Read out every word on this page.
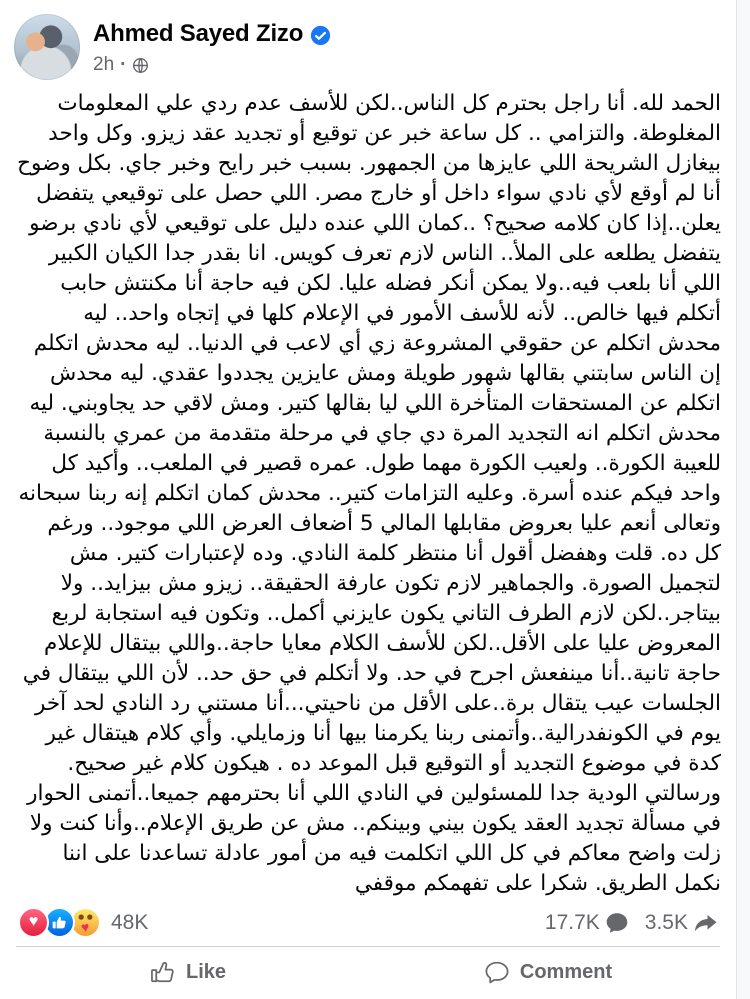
Ahmed Sayed Zizo
2h ·
الحمد لله. أنا راجل بحترم كل الناس..لكن للأسف عدم ردي علي المعلومات المغلوطة. والتزامي .. كل ساعة خبر عن توقيع أو تجديد عقد زيزو. وكل واحد بيغازل الشريحة اللي عايزها من الجمهور. بسبب خبر رايح وخبر جاي. بكل وضوح أنا لم أوقع لأي نادي سواء داخل أو خارج مصر. اللي حصل على توقيعي يتفضل يعلن..إذا كان كلامه صحيح؟ ..كمان اللي عنده دليل على توقيعي لأي نادي برضو يتفضل يطلعه على الملأ.. الناس لازم تعرف كويس. انا بقدر جدا الكيان الكبير اللي أنا بلعب فيه..ولا يمكن أنكر فضله عليا. لكن فيه حاجة أنا مكنتش حابب أتكلم فيها خالص.. لأنه للأسف الأمور في الإعلام كلها في إتجاه واحد.. ليه محدش اتكلم عن حقوقي المشروعة زي أي لاعب في الدنيا.. ليه محدش اتكلم إن الناس سابتني بقالها شهور طويلة ومش عايزين يجددوا عقدي. ليه محدش اتكلم عن المستحقات المتأخرة اللي ليا بقالها كتير. ومش لاقي حد يجاوبني. ليه محدش اتكلم انه التجديد المرة دي جاي في مرحلة متقدمة من عمري بالنسبة للعيبة الكورة.. ولعيب الكورة مهما طول. عمره قصير في الملعب.. وأكيد كل واحد فيكم عنده أسرة. وعليه التزامات كتير.. محدش كمان اتكلم إنه ربنا سبحانه وتعالى أنعم عليا بعروض مقابلها المالي 5 أضعاف العرض اللي موجود.. ورغم كل ده. قلت وهفضل أقول أنا منتظر كلمة النادي. وده لإعتبارات كتير. مش لتجميل الصورة. والجماهير لازم تكون عارفة الحقيقة.. زيزو مش بيزايد.. ولا بيتاجر..لكن لازم الطرف التاني يكون عايزني أكمل.. وتكون فيه استجابة لربع المعروض عليا على الأقل..لكن للأسف الكلام معايا حاجة..واللي بيتقال للإعلام حاجة تانية..أنا مينفعش اجرح في حد. ولا أتكلم في حق حد.. لأن اللي بيتقال في الجلسات عيب يتقال برة..على الأقل من ناحيتي...أنا مستني رد النادي لحد آخر يوم في الكونفدرالية..وأتمنى ربنا يكرمنا بيها أنا وزمايلي. وأي كلام هيتقال غير كدة في موضوع التجديد أو التوقيع قبل الموعد ده . هيكون كلام غير صحيح. ورسالتي الودية جدا للمسئولين في النادي اللي أنا بحترمهم جميعا..أتمنى الحوار في مسألة تجديد العقد يكون بيني وبينكم.. مش عن طريق الإعلام..وأنا كنت ولا زلت واضح معاكم في كل اللي اتكلمت فيه من أمور عادلة تساعدنا على اننا نكمل الطريق. شكرا على تفهمكم موقفي
♥	♥ 48K	17.7K 3.5K
Like	Comment
